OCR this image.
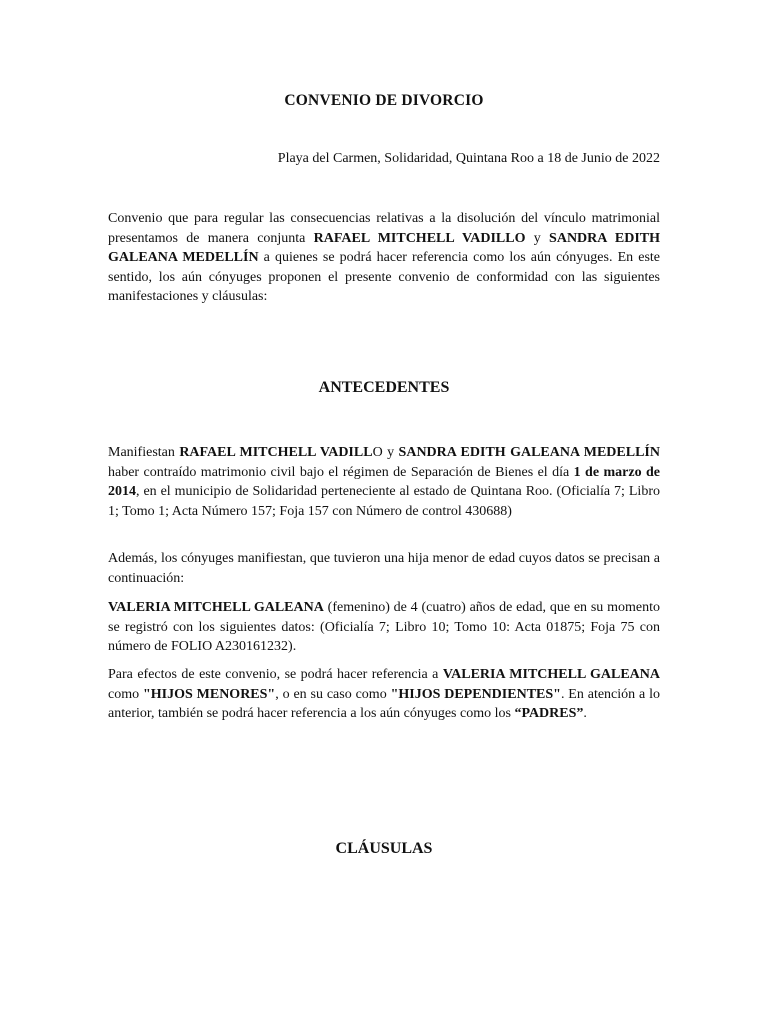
CONVENIO DE DIVORCIO
Playa del Carmen, Solidaridad, Quintana Roo a 18 de Junio de 2022
Convenio que para regular las consecuencias relativas a la disolución del vínculo matrimonial presentamos de manera conjunta RAFAEL MITCHELL VADILLO y SANDRA EDITH GALEANA MEDELLÍN a quienes se podrá hacer referencia como los aún cónyuges. En este sentido, los aún cónyuges proponen el presente convenio de conformidad con las siguientes manifestaciones y cláusulas:
ANTECEDENTES
Manifiestan RAFAEL MITCHELL VADILLO y SANDRA EDITH GALEANA MEDELLÍN haber contraído matrimonio civil bajo el régimen de Separación de Bienes el día 1 de marzo de 2014, en el municipio de Solidaridad perteneciente al estado de Quintana Roo. (Oficialía 7; Libro 1; Tomo 1; Acta Número 157; Foja 157 con Número de control 430688)
Además, los cónyuges manifiestan, que tuvieron una hija menor de edad cuyos datos se precisan a continuación:
VALERIA MITCHELL GALEANA (femenino) de 4 (cuatro) años de edad, que en su momento se registró con los siguientes datos: (Oficialía 7; Libro 10; Tomo 10: Acta 01875; Foja 75 con número de FOLIO A230161232).
Para efectos de este convenio, se podrá hacer referencia a VALERIA MITCHELL GALEANA como "HIJOS MENORES", o en su caso como "HIJOS DEPENDIENTES". En atención a lo anterior, también se podrá hacer referencia a los aún cónyuges como los “PADRES”.
CLÁUSULAS
